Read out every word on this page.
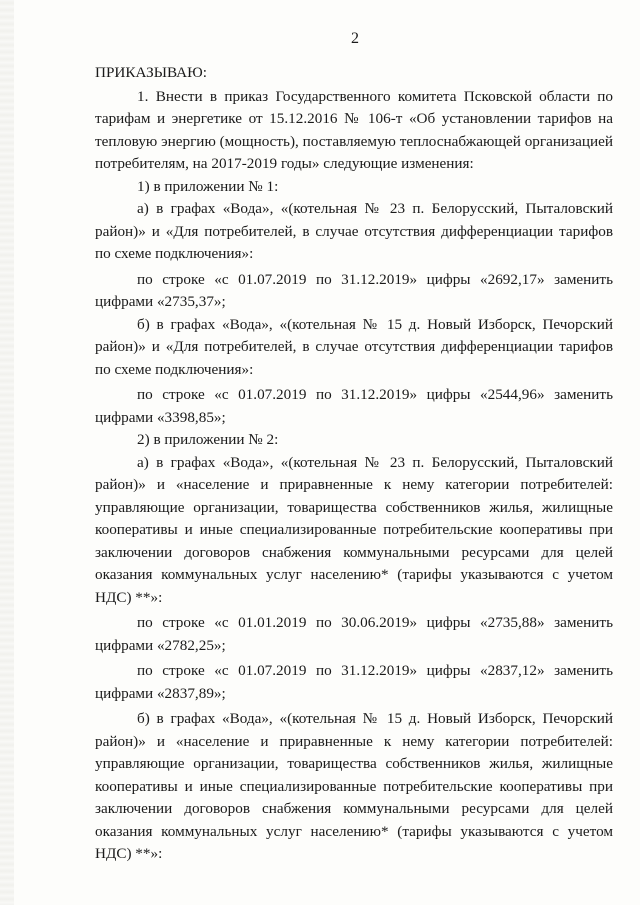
2

ПРИКАЗЫВАЮ:

1. Внести в приказ Государственного комитета Псковской области по тарифам и энергетике от 15.12.2016 № 106-т «Об установлении тарифов на тепловую энергию (мощность), поставляемую теплоснабжающей организацией потребителям, на 2017-2019 годы» следующие изменения:

1) в приложении № 1:

а) в графах «Вода», «(котельная № 23 п. Белорусский, Пыталовский район)» и «Для потребителей, в случае отсутствия дифференциации тарифов по схеме подключения»:

по строке «с 01.07.2019 по 31.12.2019» цифры «2692,17» заменить цифрами «2735,37»;

б) в графах «Вода», «(котельная № 15 д. Новый Изборск, Печорский район)» и «Для потребителей, в случае отсутствия дифференциации тарифов по схеме подключения»:

по строке «с 01.07.2019 по 31.12.2019» цифры «2544,96» заменить цифрами «3398,85»;

2) в приложении № 2:

а) в графах «Вода», «(котельная № 23 п. Белорусский, Пыталовский район)» и «население и приравненные к нему категории потребителей: управляющие организации, товарищества собственников жилья, жилищные кооперативы и иные специализированные потребительские кооперативы при заключении договоров снабжения коммунальными ресурсами для целей оказания коммунальных услуг населению* (тарифы указываются с учетом НДС) **»:

по строке «с 01.01.2019 по 30.06.2019» цифры «2735,88» заменить цифрами «2782,25»;

по строке «с 01.07.2019 по 31.12.2019» цифры «2837,12» заменить цифрами «2837,89»;

б) в графах «Вода», «(котельная № 15 д. Новый Изборск, Печорский район)» и «население и приравненные к нему категории потребителей: управляющие организации, товарищества собственников жилья, жилищные кооперативы и иные специализированные потребительские кооперативы при заключении договоров снабжения коммунальными ресурсами для целей оказания коммунальных услуг населению* (тарифы указываются с учетом НДС) **»:
